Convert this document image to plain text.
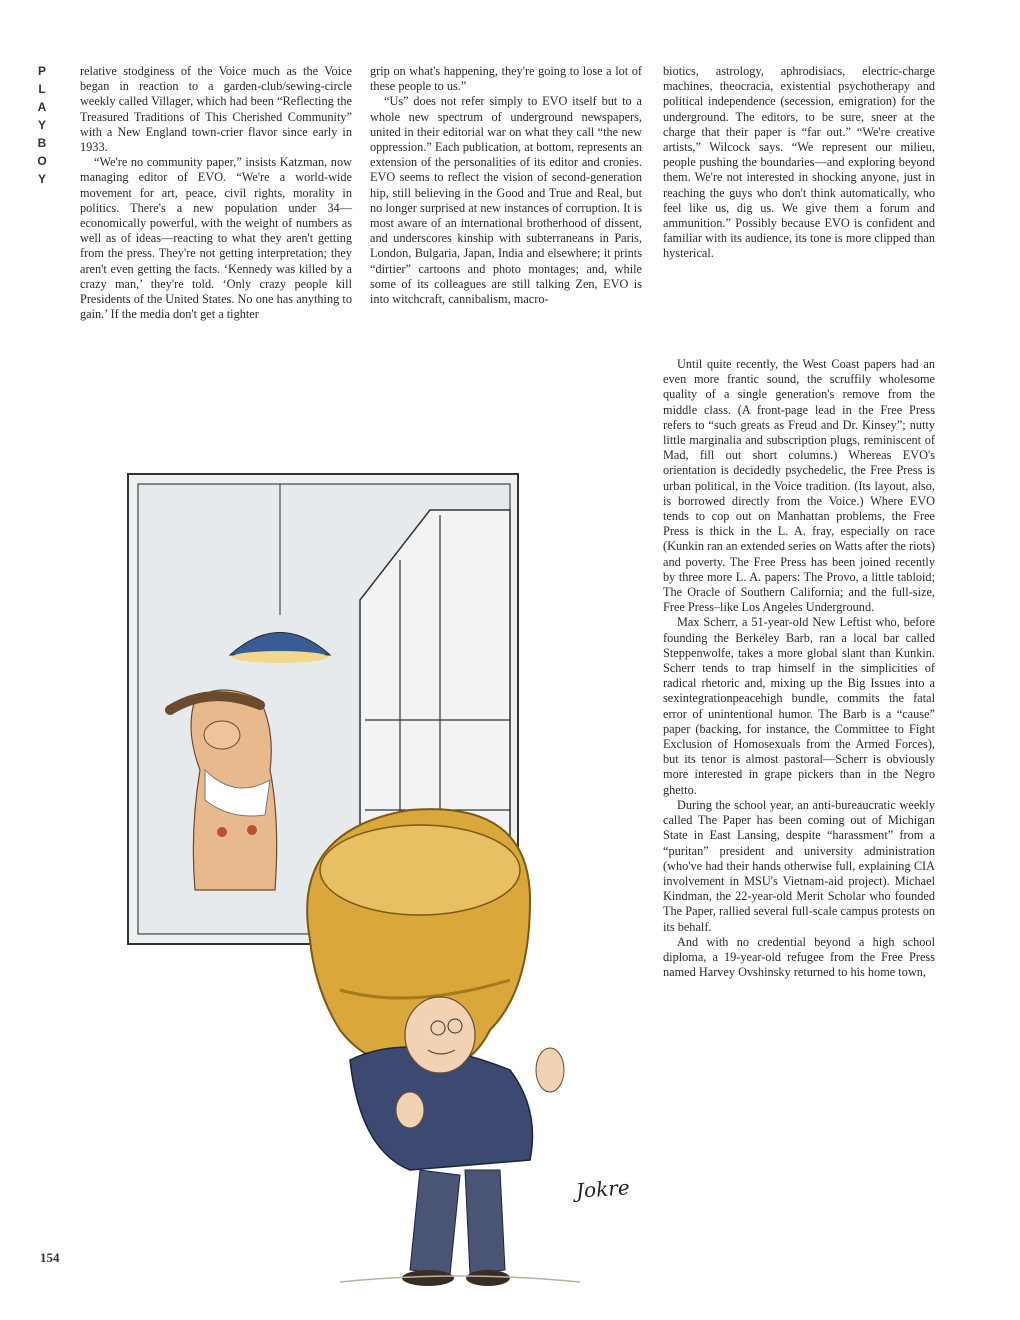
P
L
A
Y
B
O
Y

relative stodginess of the Voice much as the Voice began in reaction to a garden-club/sewing-circle weekly called Villager, which had been “Reflecting the Treasured Traditions of This Cherished Community” with a New England town-crier flavor since early in 1933.

“We're no community paper,” insists Katzman, now managing editor of EVO. “We're a world-wide movement for art, peace, civil rights, morality in politics. There's a new population under 34—economically powerful, with the weight of numbers as well as of ideas—reacting to what they aren't getting from the press. They're not getting interpretation; they aren't even getting the facts. ‘Kennedy was killed by a crazy man,’ they're told. ‘Only crazy people kill Presidents of the United States. No one has anything to gain.’ If the media don't get a tighter

grip on what's happening, they're going to lose a lot of these people to us.”

“Us” does not refer simply to EVO itself but to a whole new spectrum of underground newspapers, united in their editorial war on what they call “the new oppression.” Each publication, at bottom, represents an extension of the personalities of its editor and cronies. EVO seems to reflect the vision of second-generation hip, still believing in the Good and True and Real, but no longer surprised at new instances of corruption. It is most aware of an international brotherhood of dissent, and underscores kinship with subterraneans in Paris, London, Bulgaria, Japan, India and elsewhere; it prints “dirtier” cartoons and photo montages; and, while some of its colleagues are still talking Zen, EVO is into witchcraft, cannibalism, macro-

biotics, astrology, aphrodisiacs, electric-charge machines, theocracia, existential psychotherapy and political independence (secession, emigration) for the underground. The editors, to be sure, sneer at the charge that their paper is “far out.” “We're creative artists,” Wilcock says. “We represent our milieu, people pushing the boundaries—and exploring beyond them. We're not interested in shocking anyone, just in reaching the guys who don't think automatically, who feel like us, dig us. We give them a forum and ammunition.” Possibly because EVO is confident and familiar with its audience, its tone is more clipped than hysterical.

Until quite recently, the West Coast papers had an even more frantic sound, the scruffily wholesome quality of a single generation's remove from the middle class. (A front-page lead in the Free Press refers to “such greats as Freud and Dr. Kinsey”; nutty little marginalia and subscription plugs, reminiscent of Mad, fill out short columns.) Whereas EVO's orientation is decidedly psychedelic, the Free Press is urban political, in the Voice tradition. (Its layout, also, is borrowed directly from the Voice.) Where EVO tends to cop out on Manhattan problems, the Free Press is thick in the L. A. fray, especially on race (Kunkin ran an extended series on Watts after the riots) and poverty. The Free Press has been joined recently by three more L. A. papers: The Provo, a little tabloid; The Oracle of Southern California; and the full-size, Free Press–like Los Angeles Underground.

Max Scherr, a 51-year-old New Leftist who, before founding the Berkeley Barb, ran a local bar called Steppenwolfe, takes a more global slant than Kunkin. Scherr tends to trap himself in the simplicities of radical rhetoric and, mixing up the Big Issues into a sexintegrationpeacehigh bundle, commits the fatal error of unintentional humor. The Barb is a “cause” paper (backing, for instance, the Committee to Fight Exclusion of Homosexuals from the Armed Forces), but its tenor is almost pastoral—Scherr is obviously more interested in grape pickers than in the Negro ghetto.

During the school year, an anti-bureaucratic weekly called The Paper has been coming out of Michigan State in East Lansing, despite “harassment” from a “puritan” president and university administration (who've had their hands otherwise full, explaining CIA involvement in MSU's Vietnam-aid project). Michael Kindman, the 22-year-old Merit Scholar who founded The Paper, rallied several full-scale campus protests on its behalf.

And with no credential beyond a high school diploma, a 19-year-old refugee from the Free Press named Harvey Ovshinsky returned to his home town,

Jokre
154
